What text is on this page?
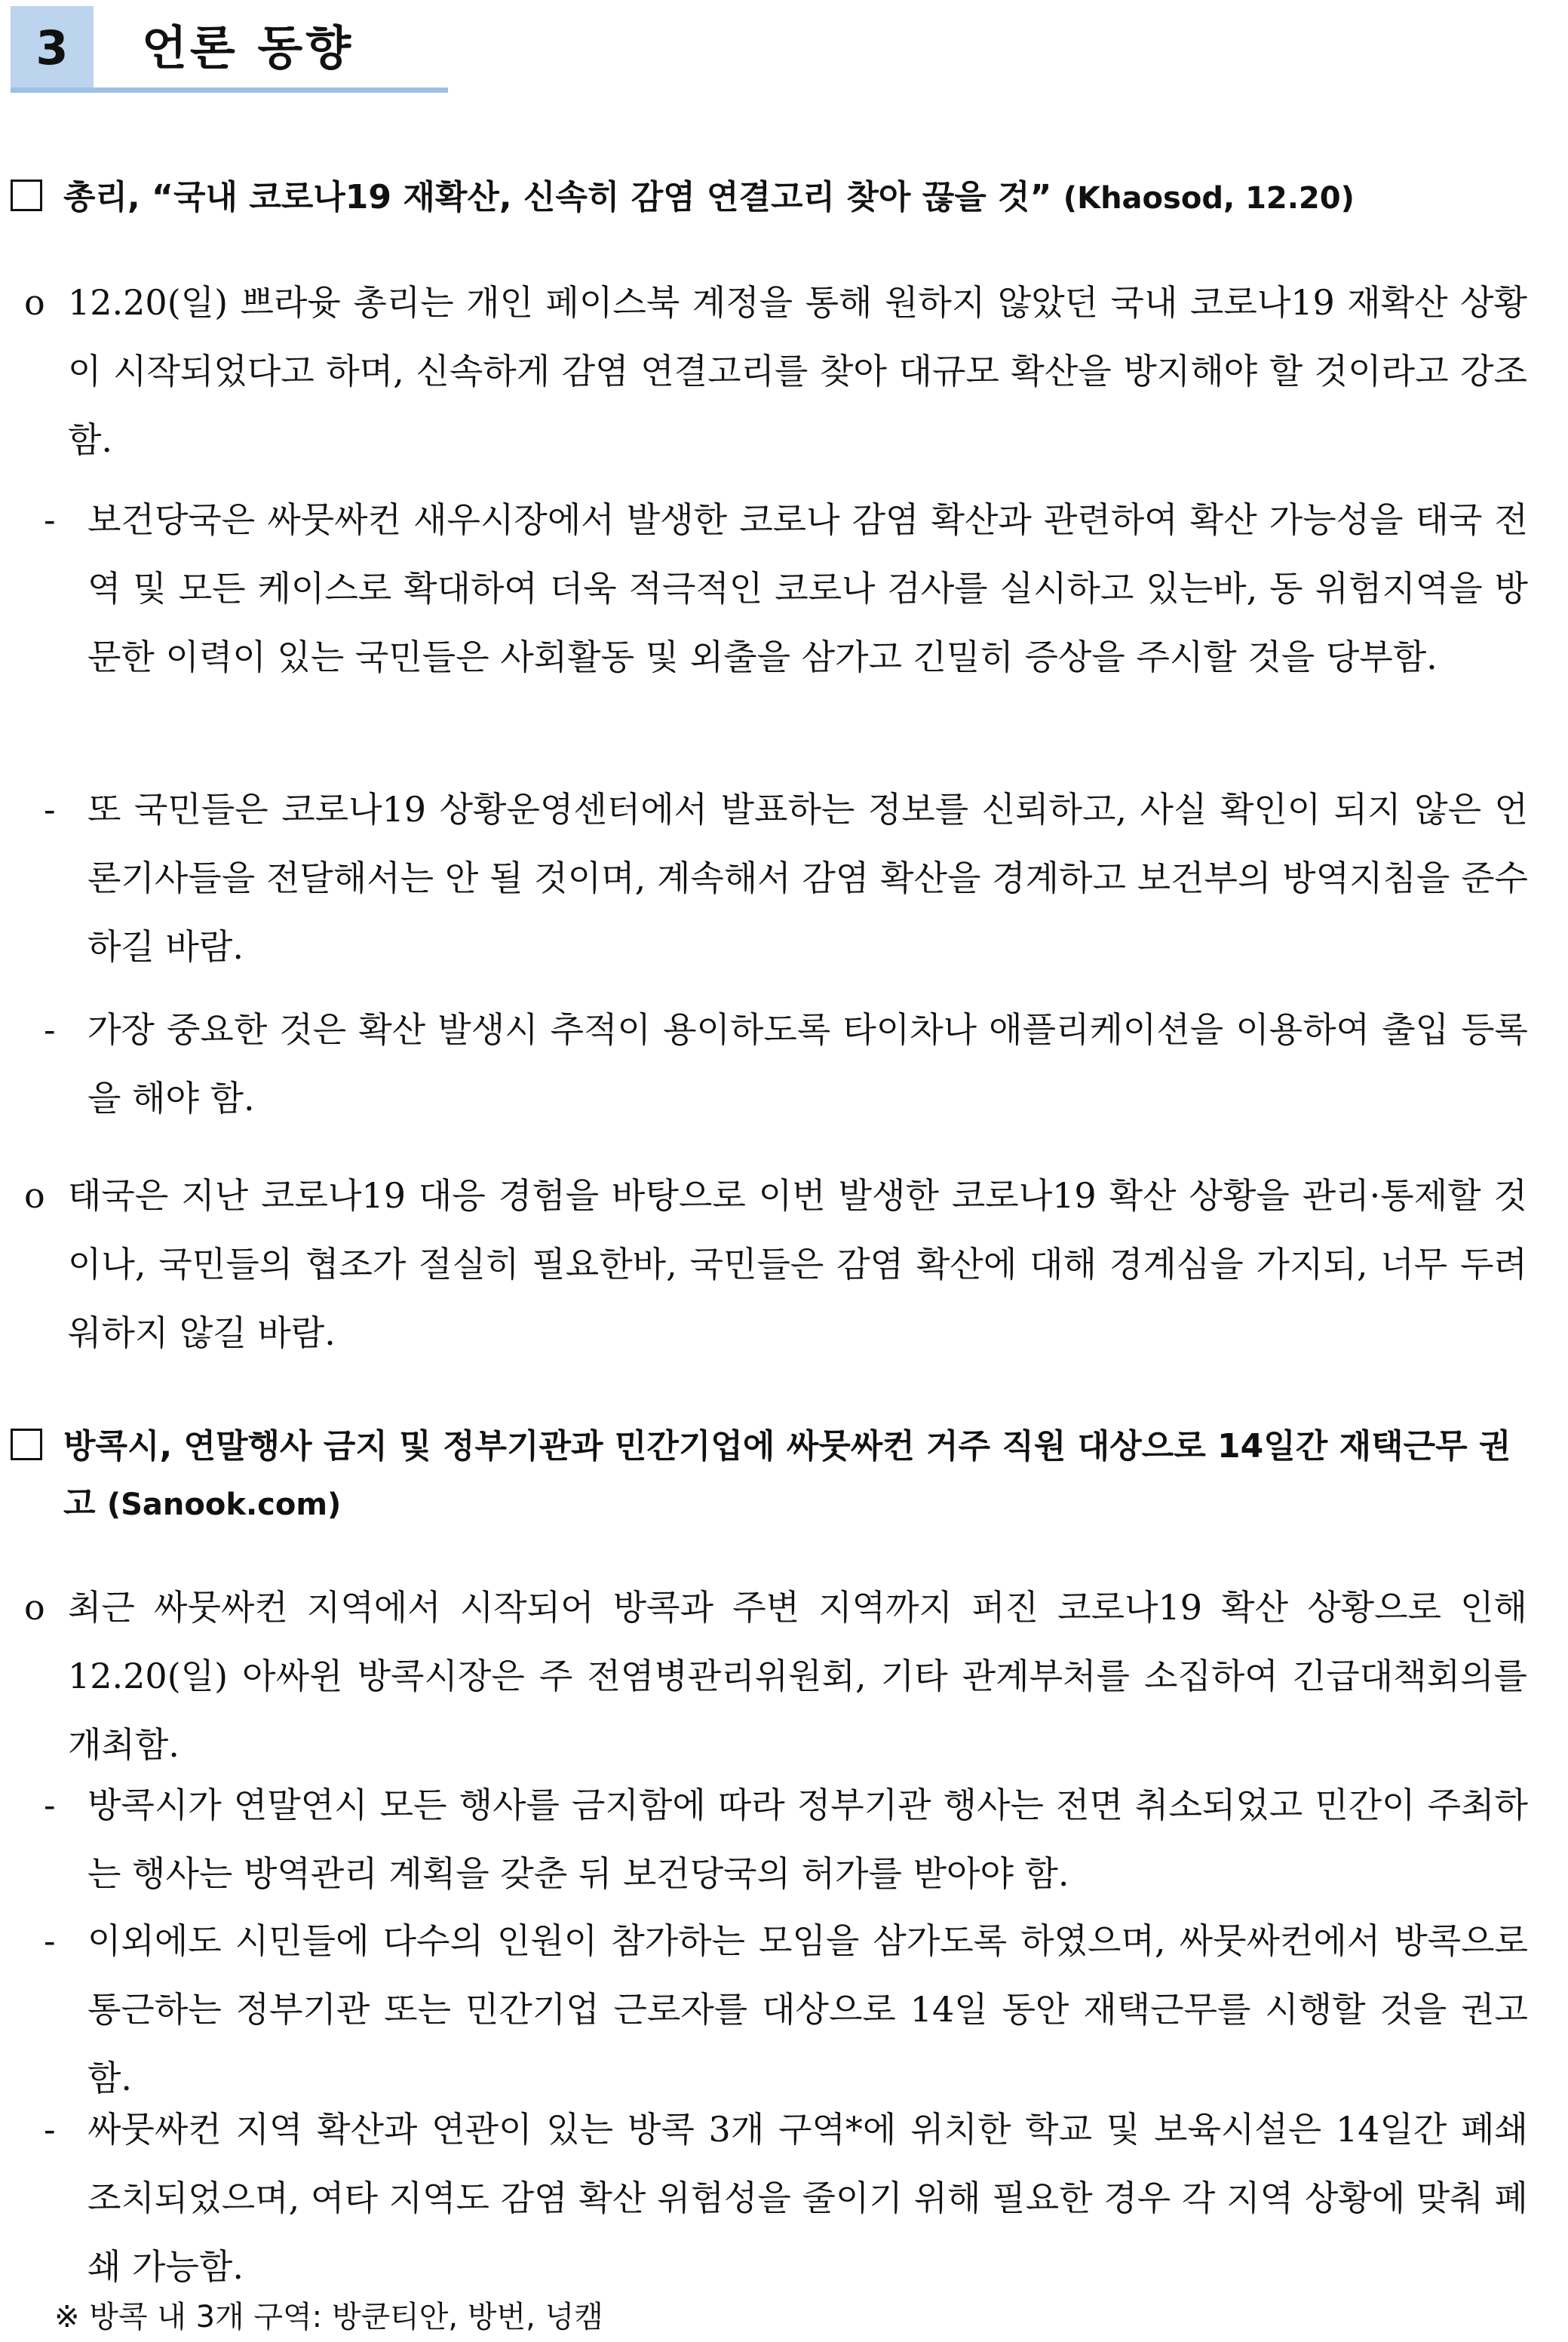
3	언론 동향
총리, “국내 코로나19 재확산, 신속히 감염 연결고리 찾아 끊을 것” (Khaosod, 12.20)
o 12.20(일) 쁘라윳 총리는 개인 페이스북 계정을 통해 원하지 않았던 국내 코로나19 재확산 상황이 시작되었다고 하며, 신속하게 감염 연결고리를 찾아 대규모 확산을 방지해야 할 것이라고 강조함.
- 보건당국은 싸뭇싸컨 새우시장에서 발생한 코로나 감염 확산과 관련하여 확산 가능성을 태국 전역 및 모든 케이스로 확대하여 더욱 적극적인 코로나 검사를 실시하고 있는바, 동 위험지역을 방문한 이력이 있는 국민들은 사회활동 및 외출을 삼가고 긴밀히 증상을 주시할 것을 당부함.
- 또 국민들은 코로나19 상황운영센터에서 발표하는 정보를 신뢰하고, 사실 확인이 되지 않은 언론기사들을 전달해서는 안 될 것이며, 계속해서 감염 확산을 경계하고 보건부의 방역지침을 준수하길 바람.
- 가장 중요한 것은 확산 발생시 추적이 용이하도록 타이차나 애플리케이션을 이용하여 출입 등록을 해야 함.
o 태국은 지난 코로나19 대응 경험을 바탕으로 이번 발생한 코로나19 확산 상황을 관리·통제할 것이나, 국민들의 협조가 절실히 필요한바, 국민들은 감염 확산에 대해 경계심을 가지되, 너무 두려워하지 않길 바람.
방콕시, 연말행사 금지 및 정부기관과 민간기업에 싸뭇싸컨 거주 직원 대상으로 14일간 재택근무 권고 (Sanook.com)
o 최근 싸뭇싸컨 지역에서 시작되어 방콕과 주변 지역까지 퍼진 코로나19 확산 상황으로 인해 12.20(일) 아싸윈 방콕시장은 주 전염병관리위원회, 기타 관계부처를 소집하여 긴급대책회의를 개최함.
- 방콕시가 연말연시 모든 행사를 금지함에 따라 정부기관 행사는 전면 취소되었고 민간이 주최하는 행사는 방역관리 계획을 갖춘 뒤 보건당국의 허가를 받아야 함.
- 이외에도 시민들에 다수의 인원이 참가하는 모임을 삼가도록 하였으며, 싸뭇싸컨에서 방콕으로 통근하는 정부기관 또는 민간기업 근로자를 대상으로 14일 동안 재택근무를 시행할 것을 권고함.
- 싸뭇싸컨 지역 확산과 연관이 있는 방콕 3개 구역*에 위치한 학교 및 보육시설은 14일간 폐쇄 조치되었으며, 여타 지역도 감염 확산 위험성을 줄이기 위해 필요한 경우 각 지역 상황에 맞춰 폐쇄 가능함.
※ 방콕 내 3개 구역: 방쿤티안, 방번, 넝캠
